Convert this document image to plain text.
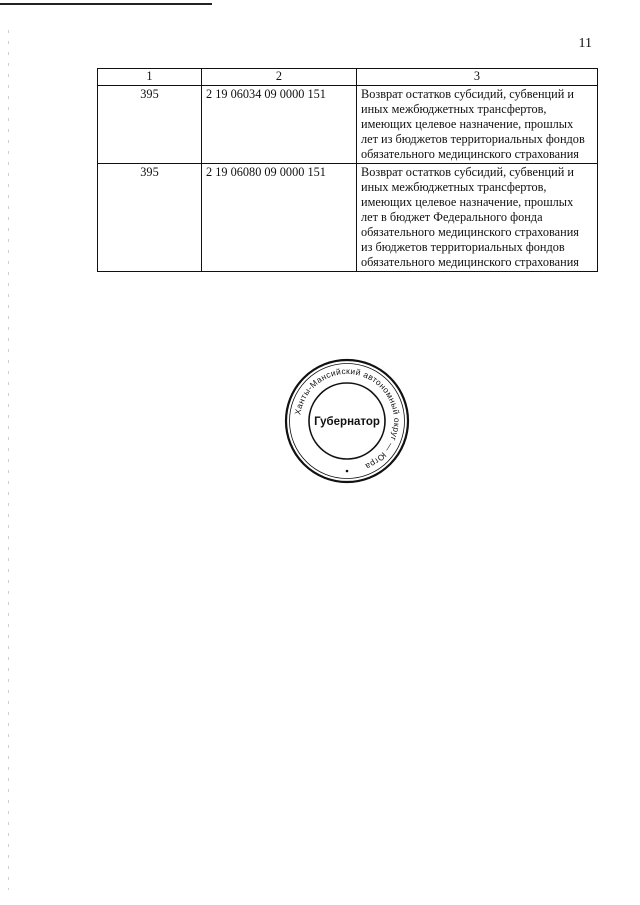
11
1	2	3
395	2 19 06034 09 0000 151	Возврат остатков субсидий, субвенций и иных межбюджетных трансфертов, имеющих целевое назначение, прошлых лет из бюджетов территориальных фондов обязательного медицинского страхования
395	2 19 06080 09 0000 151	Возврат остатков субсидий, субвенций и иных межбюджетных трансфертов, имеющих целевое назначение, прошлых лет в бюджет Федерального фонда обязательного медицинского страхования из бюджетов территориальных фондов обязательного медицинского страхования
Ханты-Мансийский автономный округ — Югра
Губернатор
